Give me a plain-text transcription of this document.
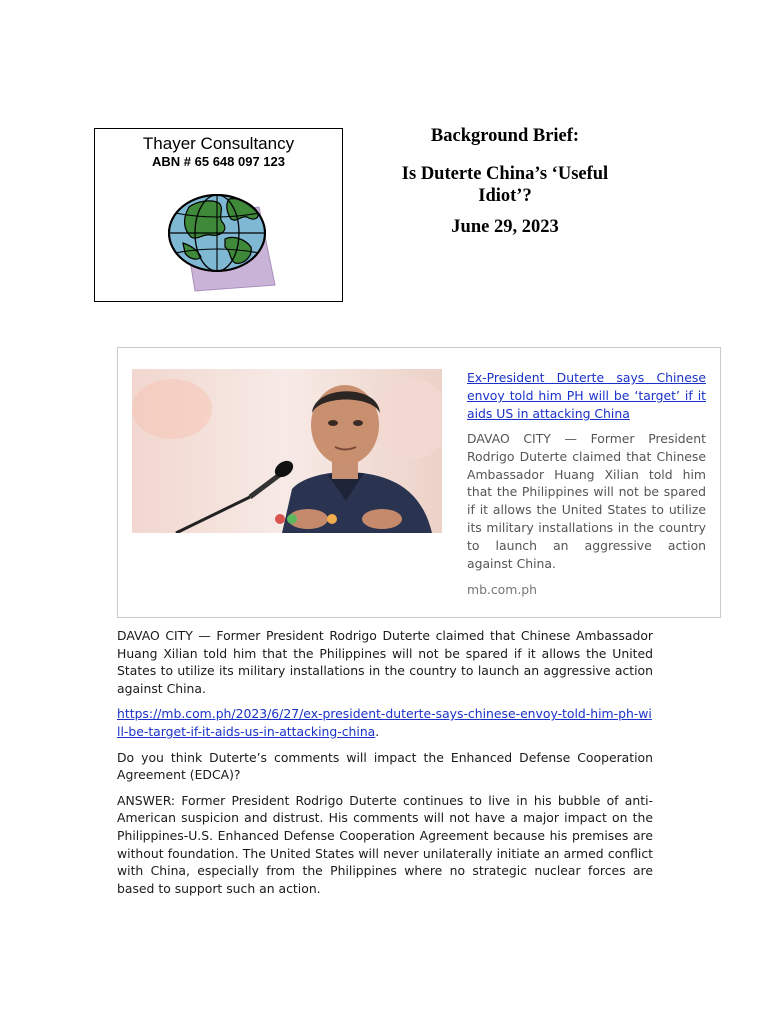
Thayer Consultancy
ABN # 65 648 097 123
Background Brief:
Is Duterte China’s ‘Useful Idiot’?
June 29, 2023
Ex-President Duterte says Chinese envoy told him PH will be ‘target’ if it aids US in attacking China
DAVAO CITY — Former President Rodrigo Duterte claimed that Chinese Ambassador Huang Xilian told him that the Philippines will not be spared if it allows the United States to utilize its military installations in the country to launch an aggressive action against China.
mb.com.ph

DAVAO CITY — Former President Rodrigo Duterte claimed that Chinese Ambassador Huang Xilian told him that the Philippines will not be spared if it allows the United States to utilize its military installations in the country to launch an aggressive action against China.

https://mb.com.ph/2023/6/27/ex-president-duterte-says-chinese-envoy-told-him-ph-will-be-target-if-it-aids-us-in-attacking-china.

Do you think Duterte’s comments will impact the Enhanced Defense Cooperation Agreement (EDCA)?

ANSWER: Former President Rodrigo Duterte continues to live in his bubble of anti-American suspicion and distrust. His comments will not have a major impact on the Philippines-U.S. Enhanced Defense Cooperation Agreement because his premises are without foundation. The United States will never unilaterally initiate an armed conflict with China, especially from the Philippines where no strategic nuclear forces are based to support such an action.
